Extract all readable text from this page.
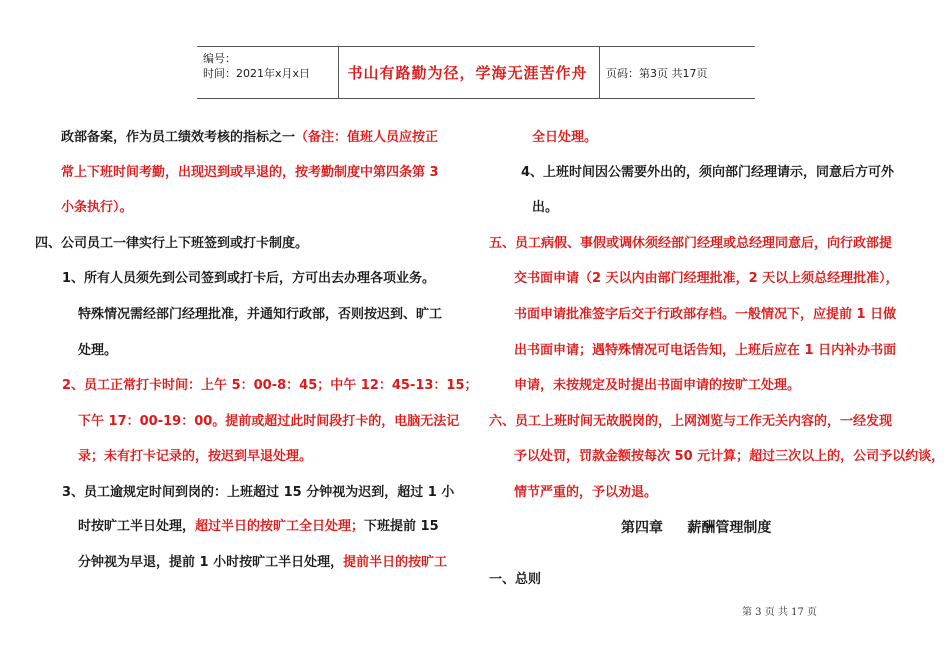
编号：
时间：2021年x月x日	书山有路勤为径，学海无涯苦作舟	页码：第3页 共17页
政部备案，作为员工绩效考核的指标之一（备注：值班人员应按正
常上下班时间考勤，出现迟到或早退的，按考勤制度中第四条第 3
小条执行）。
四、公司员工一律实行上下班签到或打卡制度。
1、所有人员须先到公司签到或打卡后，方可出去办理各项业务。
特殊情况需经部门经理批准，并通知行政部，否则按迟到、旷工
处理。
2、员工正常打卡时间：上午 5：00-8：45；中午 12：45-13：15；
下午 17：00-19：00。提前或超过此时间段打卡的，电脑无法记
录；未有打卡记录的，按迟到早退处理。
3、员工逾规定时间到岗的：上班超过 15 分钟视为迟到，超过 1 小
时按旷工半日处理，超过半日的按旷工全日处理；下班提前 15
分钟视为早退，提前 1 小时按旷工半日处理，提前半日的按旷工
全日处理。
4、上班时间因公需要外出的，须向部门经理请示，同意后方可外
出。
五、员工病假、事假或调休须经部门经理或总经理同意后，向行政部提
交书面申请（2 天以内由部门经理批准，2 天以上须总经理批准），
书面申请批准签字后交于行政部存档。一般情况下，应提前 1 日做
出书面申请；遇特殊情况可电话告知，上班后应在 1 日内补办书面
申请，未按规定及时提出书面申请的按旷工处理。
六、员工上班时间无故脱岗的，上网浏览与工作无关内容的，一经发现
予以处罚，罚款金额按每次 50 元计算；超过三次以上的，公司予以约谈，
情节严重的，予以劝退。
第四章     薪酬管理制度
一、总则
第 3 页 共 17 页
